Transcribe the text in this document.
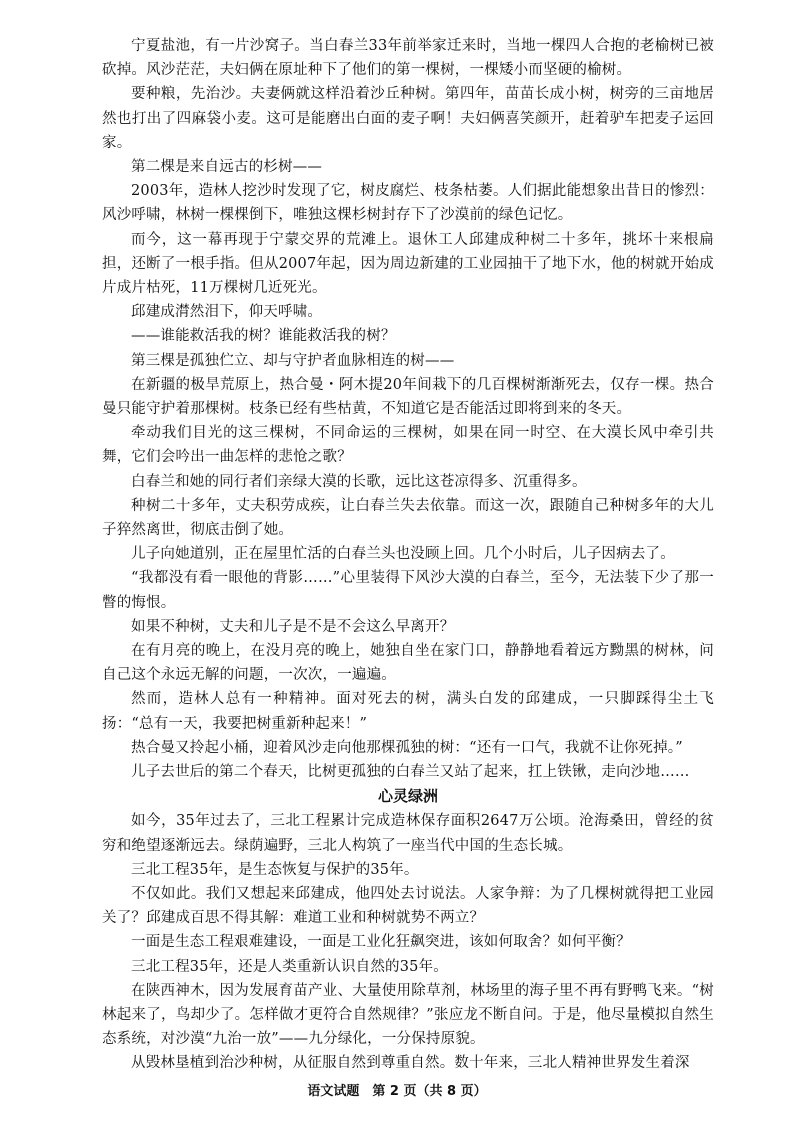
宁夏盐池，有一片沙窝子。当白春兰33年前举家迁来时，当地一棵四人合抱的老榆树已被砍掉。风沙茫茫，夫妇俩在原址种下了他们的第一棵树，一棵矮小而坚硬的榆树。

要种粮，先治沙。夫妻俩就这样沿着沙丘种树。第四年，苗苗长成小树，树旁的三亩地居然也打出了四麻袋小麦。这可是能磨出白面的麦子啊！夫妇俩喜笑颜开，赶着驴车把麦子运回家。

第二棵是来自远古的杉树——

2003年，造林人挖沙时发现了它，树皮腐烂、枝条枯萎。人们据此能想象出昔日的惨烈：风沙呼啸，林树一棵棵倒下，唯独这棵杉树封存下了沙漠前的绿色记忆。

而今，这一幕再现于宁蒙交界的荒滩上。退休工人邱建成种树二十多年，挑坏十来根扁担，还断了一根手指。但从2007年起，因为周边新建的工业园抽干了地下水，他的树就开始成片成片枯死，11万棵树几近死光。

邱建成潸然泪下，仰天呼啸。

——谁能救活我的树？谁能救活我的树？

第三棵是孤独伫立、却与守护者血脉相连的树——

在新疆的极旱荒原上，热合曼・阿木提20年间栽下的几百棵树渐渐死去，仅存一棵。热合曼只能守护着那棵树。枝条已经有些枯黄，不知道它是否能活过即将到来的冬天。

牵动我们目光的这三棵树，不同命运的三棵树，如果在同一时空、在大漠长风中牵引共舞，它们会吟出一曲怎样的悲怆之歌？

白春兰和她的同行者们亲绿大漠的长歌，远比这苍凉得多、沉重得多。

种树二十多年，丈夫积劳成疾，让白春兰失去依靠。而这一次，跟随自己种树多年的大儿子猝然离世，彻底击倒了她。

儿子向她道别，正在屋里忙活的白春兰头也没顾上回。几个小时后，儿子因病去了。

“我都没有看一眼他的背影……”心里装得下风沙大漠的白春兰，至今，无法装下少了那一瞥的悔恨。

如果不种树，丈夫和儿子是不是不会这么早离开？

在有月亮的晚上，在没月亮的晚上，她独自坐在家门口，静静地看着远方黝黑的树林，问自己这个永远无解的问题，一次次，一遍遍。

然而，造林人总有一种精神。面对死去的树，满头白发的邱建成，一只脚踩得尘土飞扬：“总有一天，我要把树重新种起来！”

热合曼又拎起小桶，迎着风沙走向他那棵孤独的树：“还有一口气，我就不让你死掉。”

儿子去世后的第二个春天，比树更孤独的白春兰又站了起来，扛上铁锹，走向沙地……

心灵绿洲

如今，35年过去了，三北工程累计完成造林保存面积2647万公顷。沧海桑田，曾经的贫穷和绝望逐渐远去。绿荫遍野，三北人构筑了一座当代中国的生态长城。

三北工程35年，是生态恢复与保护的35年。

不仅如此。我们又想起来邱建成，他四处去讨说法。人家争辩：为了几棵树就得把工业园关了？邱建成百思不得其解：难道工业和种树就势不两立？

一面是生态工程艰难建设，一面是工业化狂飙突进，该如何取舍？如何平衡？

三北工程35年，还是人类重新认识自然的35年。

在陕西神木，因为发展育苗产业、大量使用除草剂，林场里的海子里不再有野鸭飞来。“树林起来了，鸟却少了。怎样做才更符合自然规律？”张应龙不断自问。于是，他尽量模拟自然生态系统，对沙漠“九治一放”——九分绿化，一分保持原貌。

从毁林垦植到治沙种树，从征服自然到尊重自然。数十年来，三北人精神世界发生着深

语文试题　第 2 页（共 8 页）
